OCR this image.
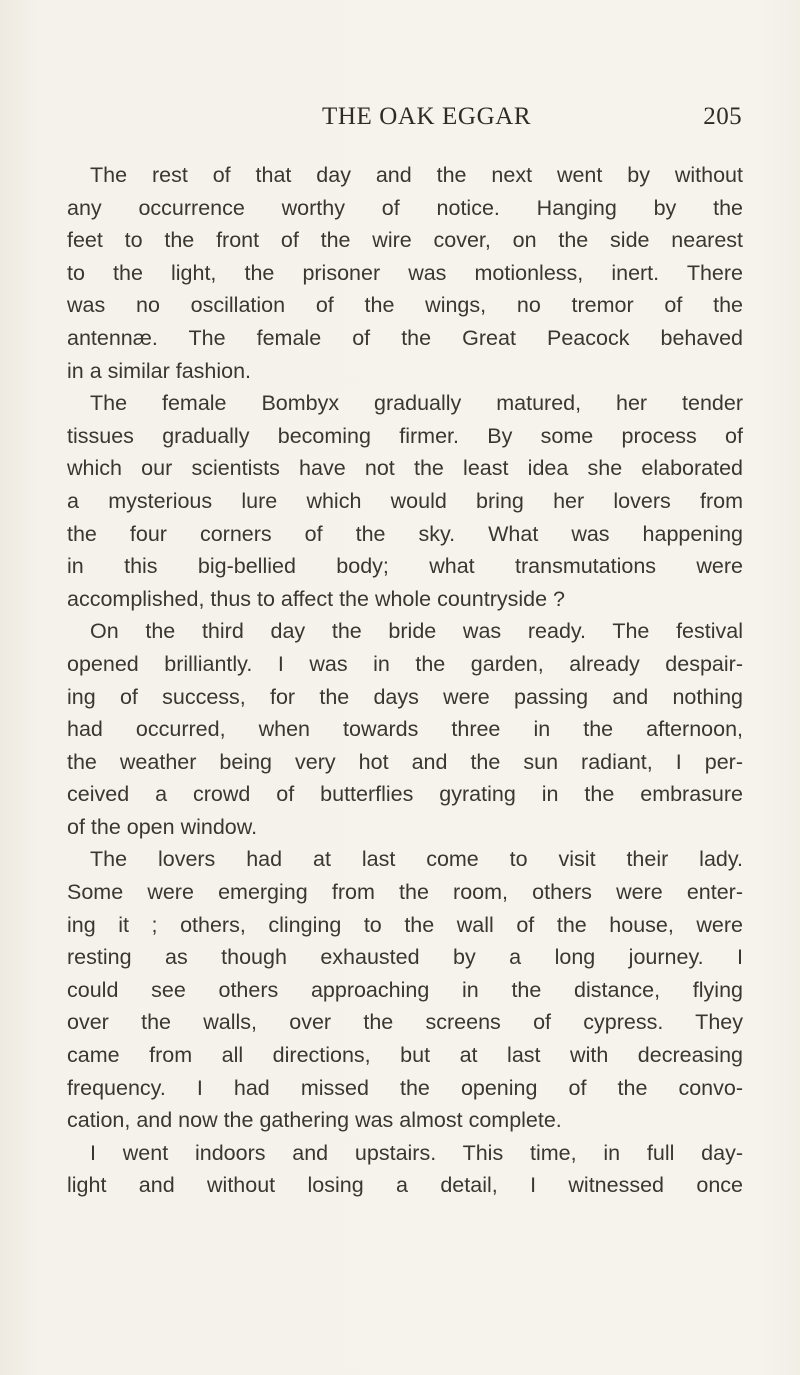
THE OAK EGGAR	205
The rest of that day and the next went by without
any occurrence worthy of notice. Hanging by the
feet to the front of the wire cover, on the side nearest
to the light, the prisoner was motionless, inert. There
was no oscillation of the wings, no tremor of the
antennæ. The female of the Great Peacock behaved
in a similar fashion.
The female Bombyx gradually matured, her tender
tissues gradually becoming firmer. By some process of
which our scientists have not the least idea she elaborated
a mysterious lure which would bring her lovers from
the four corners of the sky. What was happening
in this big-bellied body; what transmutations were
accomplished, thus to affect the whole countryside ?
On the third day the bride was ready. The festival
opened brilliantly. I was in the garden, already despair-
ing of success, for the days were passing and nothing
had occurred, when towards three in the afternoon,
the weather being very hot and the sun radiant, I per-
ceived a crowd of butterflies gyrating in the embrasure
of the open window.
The lovers had at last come to visit their lady.
Some were emerging from the room, others were enter-
ing it ; others, clinging to the wall of the house, were
resting as though exhausted by a long journey. I
could see others approaching in the distance, flying
over the walls, over the screens of cypress. They
came from all directions, but at last with decreasing
frequency. I had missed the opening of the convo-
cation, and now the gathering was almost complete.
I went indoors and upstairs. This time, in full day-
light and without losing a detail, I witnessed once
